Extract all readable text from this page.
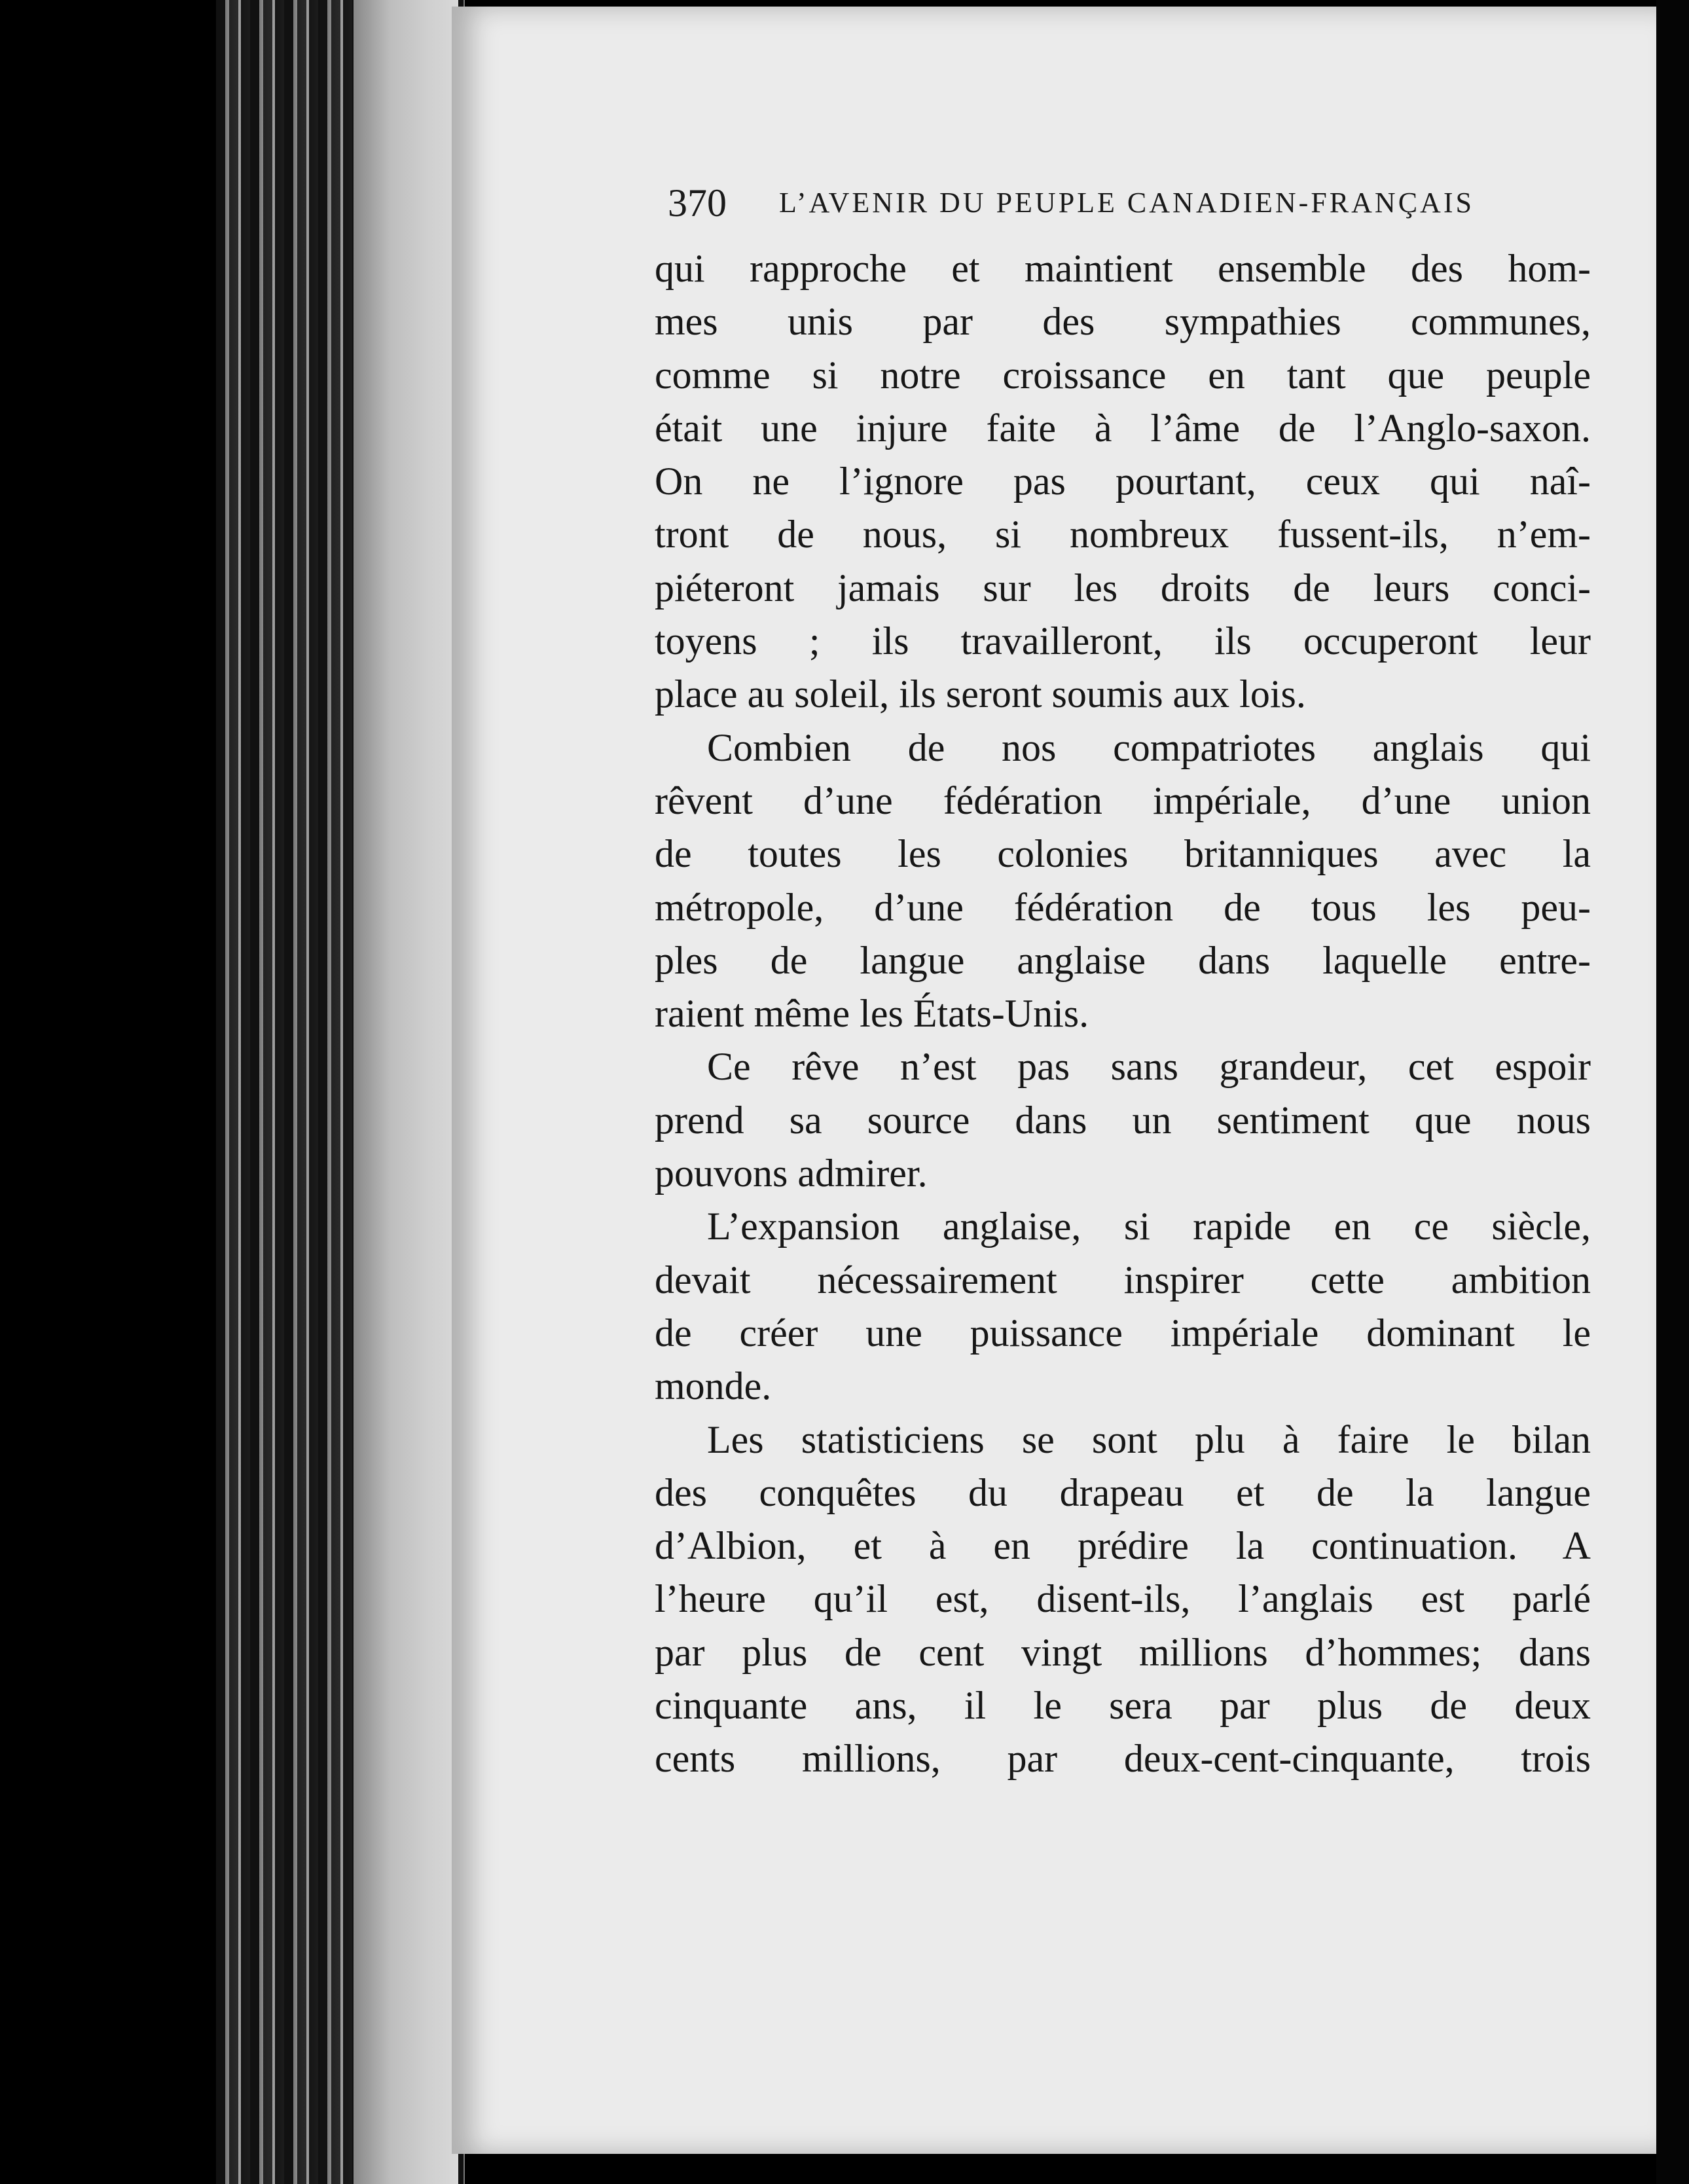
370 L’AVENIR DU PEUPLE CANADIEN-FRANÇAIS
qui rapproche et maintient ensemble des hom-
mes unis par des sympathies communes,
comme si notre croissance en tant que peuple
était une injure faite à l’âme de l’Anglo-saxon.
On ne l’ignore pas pourtant, ceux qui naî-
tront de nous, si nombreux fussent-ils, n’em-
piéteront jamais sur les droits de leurs conci-
toyens ; ils travailleront, ils occuperont leur
place au soleil, ils seront soumis aux lois.
Combien de nos compatriotes anglais qui
rêvent d’une fédération impériale, d’une union
de toutes les colonies britanniques avec la
métropole, d’une fédération de tous les peu-
ples de langue anglaise dans laquelle entre-
raient même les États-Unis.
Ce rêve n’est pas sans grandeur, cet espoir
prend sa source dans un sentiment que nous
pouvons admirer.
L’expansion anglaise, si rapide en ce siècle,
devait nécessairement inspirer cette ambition
de créer une puissance impériale dominant le
monde.
Les statisticiens se sont plu à faire le bilan
des conquêtes du drapeau et de la langue
d’Albion, et à en prédire la continuation. A
l’heure qu’il est, disent-ils, l’anglais est parlé
par plus de cent vingt millions d’hommes; dans
cinquante ans, il le sera par plus de deux
cents millions, par deux-cent-cinquante, trois
